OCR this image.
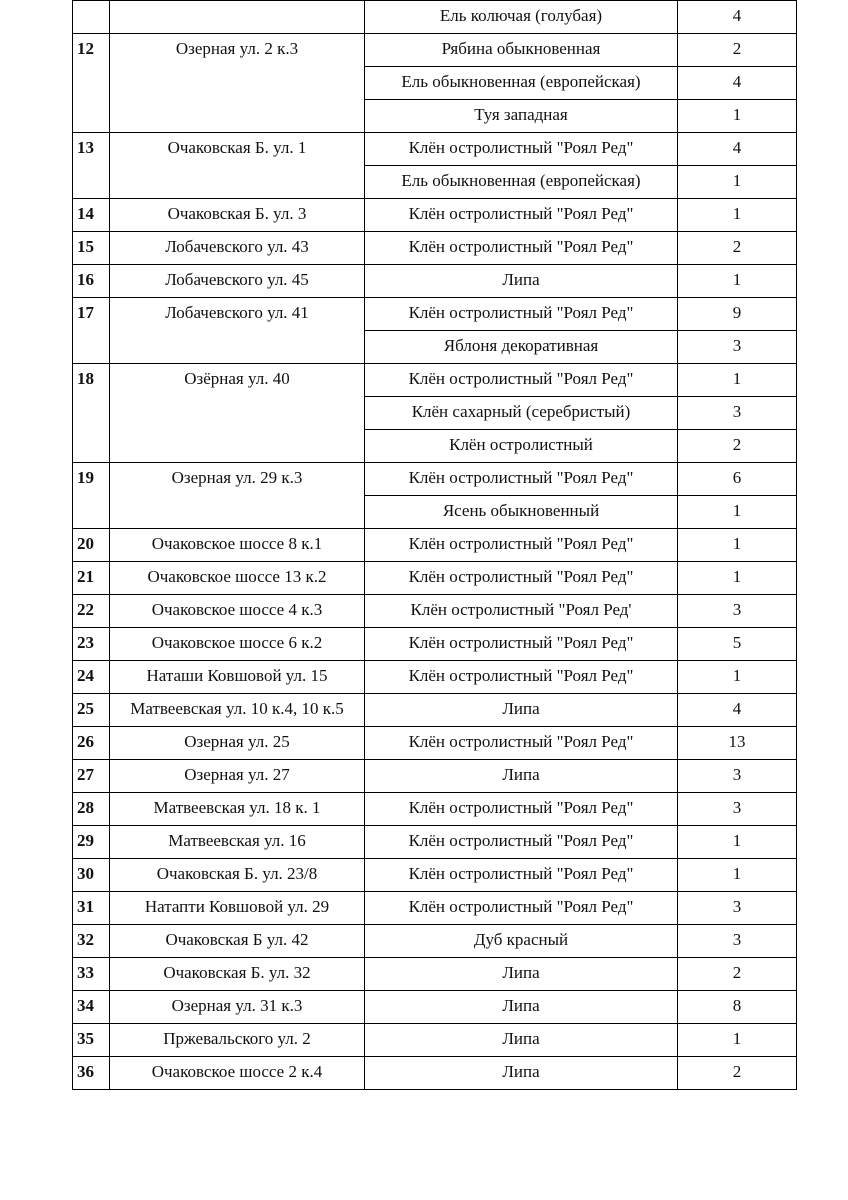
		Ель колючая (голубая)	4
12	Озерная ул. 2 к.3	Рябина обыкновенная	2
		Ель обыкновенная (европейская)	4
		Туя западная	1
13	Очаковская Б. ул. 1	Клён остролистный "Роял Ред"	4
		Ель обыкновенная (европейская)	1
14	Очаковская Б. ул. 3	Клён остролистный "Роял Ред"	1
15	Лобачевского ул. 43	Клён остролистный "Роял Ред"	2
16	Лобачевского ул. 45	Липа	1
17	Лобачевского ул. 41	Клён остролистный "Роял Ред"	9
		Яблоня декоративная	3
18	Озёрная ул. 40	Клён остролистный "Роял Ред"	1
		Клён сахарный (серебристый)	3
		Клён остролистный	2
19	Озерная ул. 29 к.3	Клён остролистный "Роял Ред"	6
		Ясень обыкновенный	1
20	Очаковское шоссе 8 к.1	Клён остролистный "Роял Ред"	1
21	Очаковское шоссе 13 к.2	Клён остролистный "Роял Ред"	1
22	Очаковское шоссе 4 к.3	Клён остролистный "Роял Ред'	3
23	Очаковское шоссе 6 к.2	Клён остролистный "Роял Ред"	5
24	Наташи Ковшовой ул. 15	Клён остролистный "Роял Ред"	1
25	Матвеевская ул. 10 к.4, 10 к.5	Липа	4
26	Озерная ул. 25	Клён остролистный "Роял Ред"	13
27	Озерная ул. 27	Липа	3
28	Матвеевская ул. 18 к. 1	Клён остролистный "Роял Ред"	3
29	Матвеевская ул. 16	Клён остролистный "Роял Ред"	1
30	Очаковская Б. ул. 23/8	Клён остролистный "Роял Ред"	1
31	Натапти Ковшовой ул. 29	Клён остролистный "Роял Ред"	3
32	Очаковская Б ул. 42	Дуб красный	3
33	Очаковская Б. ул. 32	Липа	2
34	Озерная ул. 31 к.3	Липа	8
35	Пржевальского ул. 2	Липа	1
36	Очаковское шоссе 2 к.4	Липа	2
